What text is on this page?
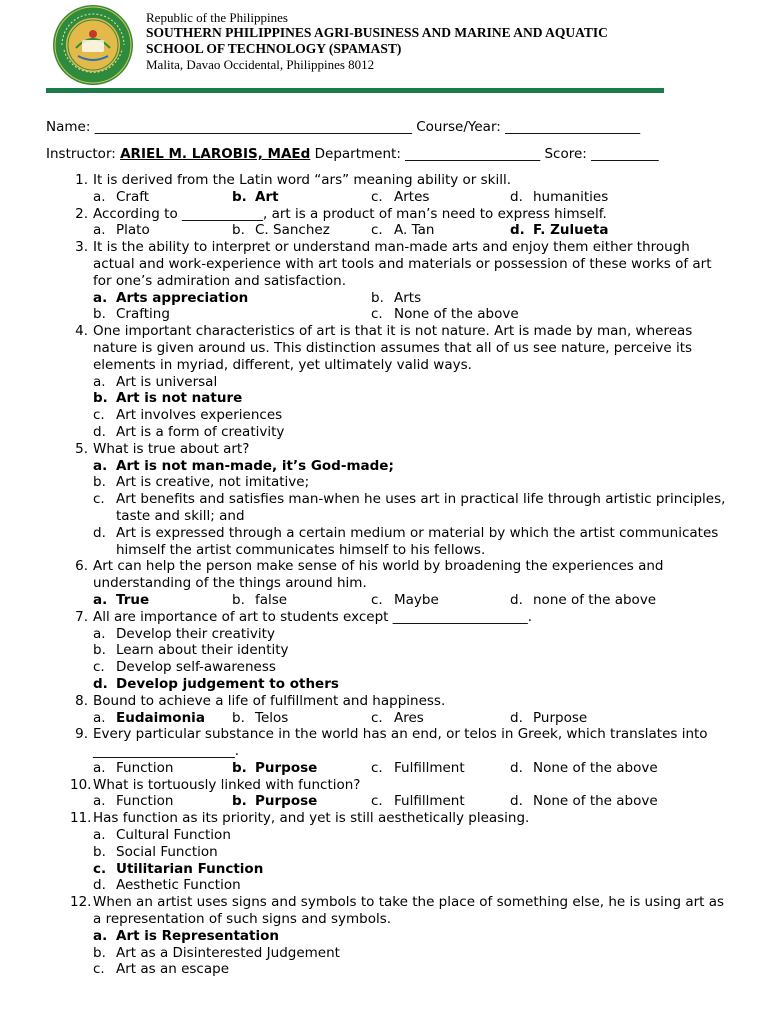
Republic of the Philippines
SOUTHERN PHILIPPINES AGRI-BUSINESS AND MARINE AND AQUATIC
SCHOOL OF TECHNOLOGY (SPAMAST)
Malita, Davao Occidental, Philippines 8012
Name: _______________________________________________ Course/Year: ____________________
Instructor: ARIEL M. LAROBIS, MAEd Department: ____________________ Score: __________
1. It is derived from the Latin word “ars” meaning ability or skill.
a. Craft	b. Art	c. Artes	d. humanities
2. According to ____________, art is a product of man’s need to express himself.
a. Plato	b. C. Sanchez	c. A. Tan	d. F. Zulueta
3. It is the ability to interpret or understand man-made arts and enjoy them either through actual and work-experience with art tools and materials or possession of these works of art for one’s admiration and satisfaction.
a. Arts appreciation	b. Arts
b. Crafting	c. None of the above
4. One important characteristics of art is that it is not nature. Art is made by man, whereas nature is given around us. This distinction assumes that all of us see nature, perceive its elements in myriad, different, yet ultimately valid ways.
a. Art is universal
b. Art is not nature
c. Art involves experiences
d. Art is a form of creativity
5. What is true about art?
a. Art is not man-made, it’s God-made;
b. Art is creative, not imitative;
c. Art benefits and satisfies man-when he uses art in practical life through artistic principles, taste and skill; and
d. Art is expressed through a certain medium or material by which the artist communicates himself the artist communicates himself to his fellows.
6. Art can help the person make sense of his world by broadening the experiences and understanding of the things around him.
a. True	b. false	c. Maybe	d. none of the above
7. All are importance of art to students except ____________________.
a. Develop their creativity
b. Learn about their identity
c. Develop self-awareness
d. Develop judgement to others
8. Bound to achieve a life of fulfillment and happiness.
a. Eudaimonia	b. Telos	c. Ares	d. Purpose
9. Every particular substance in the world has an end, or telos in Greek, which translates into _____________________.
a. Function	b. Purpose	c. Fulfillment	d. None of the above
10. What is tortuously linked with function?
a. Function	b. Purpose	c. Fulfillment	d. None of the above
11. Has function as its priority, and yet is still aesthetically pleasing.
a. Cultural Function
b. Social Function
c. Utilitarian Function
d. Aesthetic Function
12. When an artist uses signs and symbols to take the place of something else, he is using art as a representation of such signs and symbols.
a. Art is Representation
b. Art as a Disinterested Judgement
c. Art as an escape
